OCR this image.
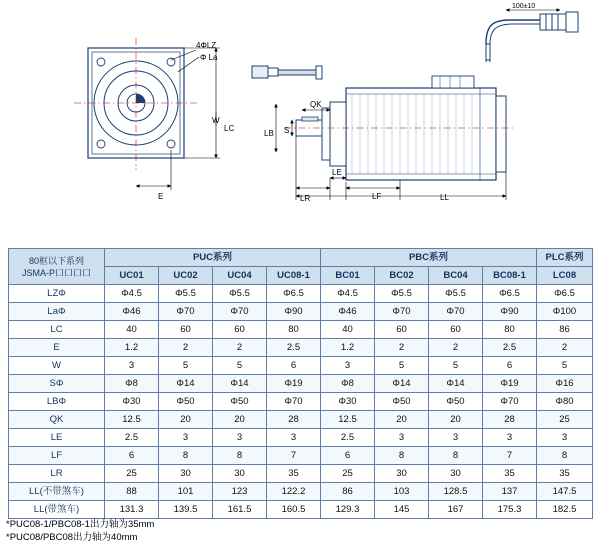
4ΦLZ
Φ La
LC
W
E
100±10
QK
LB S
LR
LE
LF	LL
80框以下系列
JSMA-P口口口口	PUC系列				PBC系列				PLC系列
	UC01	UC02	UC04	UC08-1	BC01	BC02	BC04	BC08-1	LC08
LZΦ	Φ4.5	Φ5.5	Φ5.5	Φ6.5	Φ4.5	Φ5.5	Φ5.5	Φ6.5	Φ6.5
LaΦ	Φ46	Φ70	Φ70	Φ90	Φ46	Φ70	Φ70	Φ90	Φ100
LC	40	60	60	80	40	60	60	80	86
E	1.2	2	2	2.5	1.2	2	2	2.5	2
W	3	5	5	6	3	5	5	6	5
SΦ	Φ8	Φ14	Φ14	Φ19	Φ8	Φ14	Φ14	Φ19	Φ16
LBΦ	Φ30	Φ50	Φ50	Φ70	Φ30	Φ50	Φ50	Φ70	Φ80
QK	12.5	20	20	28	12.5	20	20	28	25
LE	2.5	3	3	3	2.5	3	3	3	3
LF	6	8	8	7	6	8	8	7	8
LR	25	30	30	35	25	30	30	35	35
LL(不带煞车)	88	101	123	122.2	86	103	128.5	137	147.5
LL(带煞车)	131.3	139.5	161.5	160.5	129.3	145	167	175.3	182.5
*PUC08-1/PBC08-1出力轴为35mm
*PUC08/PBC08出力轴为40mm
